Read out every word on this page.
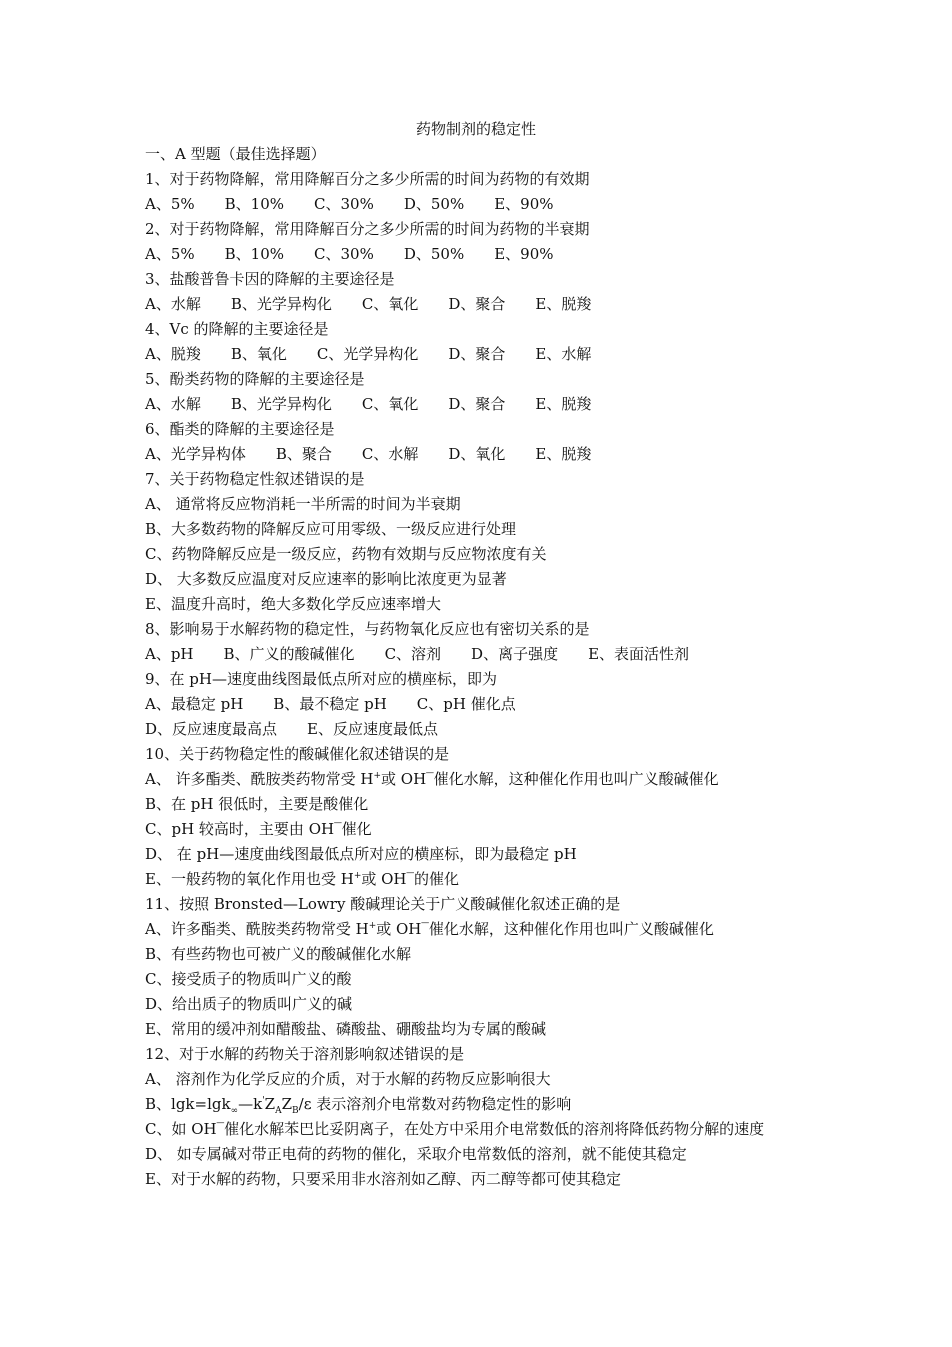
药物制剂的稳定性
一、A 型题（最佳选择题）
1、对于药物降解，常用降解百分之多少所需的时间为药物的有效期
A、5% B、10% C、30% D、50% E、90%
2、对于药物降解，常用降解百分之多少所需的时间为药物的半衰期
A、5% B、10% C、30% D、50% E、90%
3、盐酸普鲁卡因的降解的主要途径是
A、水解 B、光学异构化 C、氧化 D、聚合 E、脱羧
4、Vc 的降解的主要途径是
A、脱羧 B、氧化 C、光学异构化 D、聚合 E、水解
5、酚类药物的降解的主要途径是
A、水解 B、光学异构化 C、氧化 D、聚合 E、脱羧
6、酯类的降解的主要途径是
A、光学异构体 B、聚合 C、水解 D、氧化 E、脱羧
7、关于药物稳定性叙述错误的是
A、 通常将反应物消耗一半所需的时间为半衰期
B、大多数药物的降解反应可用零级、一级反应进行处理
C、药物降解反应是一级反应，药物有效期与反应物浓度有关
D、 大多数反应温度对反应速率的影响比浓度更为显著
E、温度升高时，绝大多数化学反应速率增大
8、影响易于水解药物的稳定性，与药物氧化反应也有密切关系的是
A、pH B、广义的酸碱催化 C、溶剂 D、离子强度 E、表面活性剂
9、在 pH—速度曲线图最低点所对应的横座标，即为
A、最稳定 pH B、最不稳定 pH C、pH 催化点
D、反应速度最高点 E、反应速度最低点
10、关于药物稳定性的酸碱催化叙述错误的是
A、 许多酯类、酰胺类药物常受 H+或 OH‾催化水解，这种催化作用也叫广义酸碱催化
B、在 pH 很低时，主要是酸催化
C、pH 较高时，主要由 OH‾催化
D、 在 pH—速度曲线图最低点所对应的横座标，即为最稳定 pH
E、一般药物的氧化作用也受 H+或 OH‾的催化
11、按照 Bronsted—Lowry 酸碱理论关于广义酸碱催化叙述正确的是
A、许多酯类、酰胺类药物常受 H+或 OH‾催化水解，这种催化作用也叫广义酸碱催化
B、有些药物也可被广义的酸碱催化水解
C、接受质子的物质叫广义的酸
D、给出质子的物质叫广义的碱
E、常用的缓冲剂如醋酸盐、磷酸盐、硼酸盐均为专属的酸碱
12、对于水解的药物关于溶剂影响叙述错误的是
A、 溶剂作为化学反应的介质，对于水解的药物反应影响很大
B、$\lg k=\lg k_\infty—k'Z_AZ_B/\varepsilon$ 表示溶剂介电常数对药物稳定性的影响
C、如 OH‾催化水解苯巴比妥阴离子，在处方中采用介电常数低的溶剂将降低药物分解的速度
D、 如专属碱对带正电荷的药物的催化，采取介电常数低的溶剂，就不能使其稳定
E、对于水解的药物，只要采用非水溶剂如乙醇、丙二醇等都可使其稳定
